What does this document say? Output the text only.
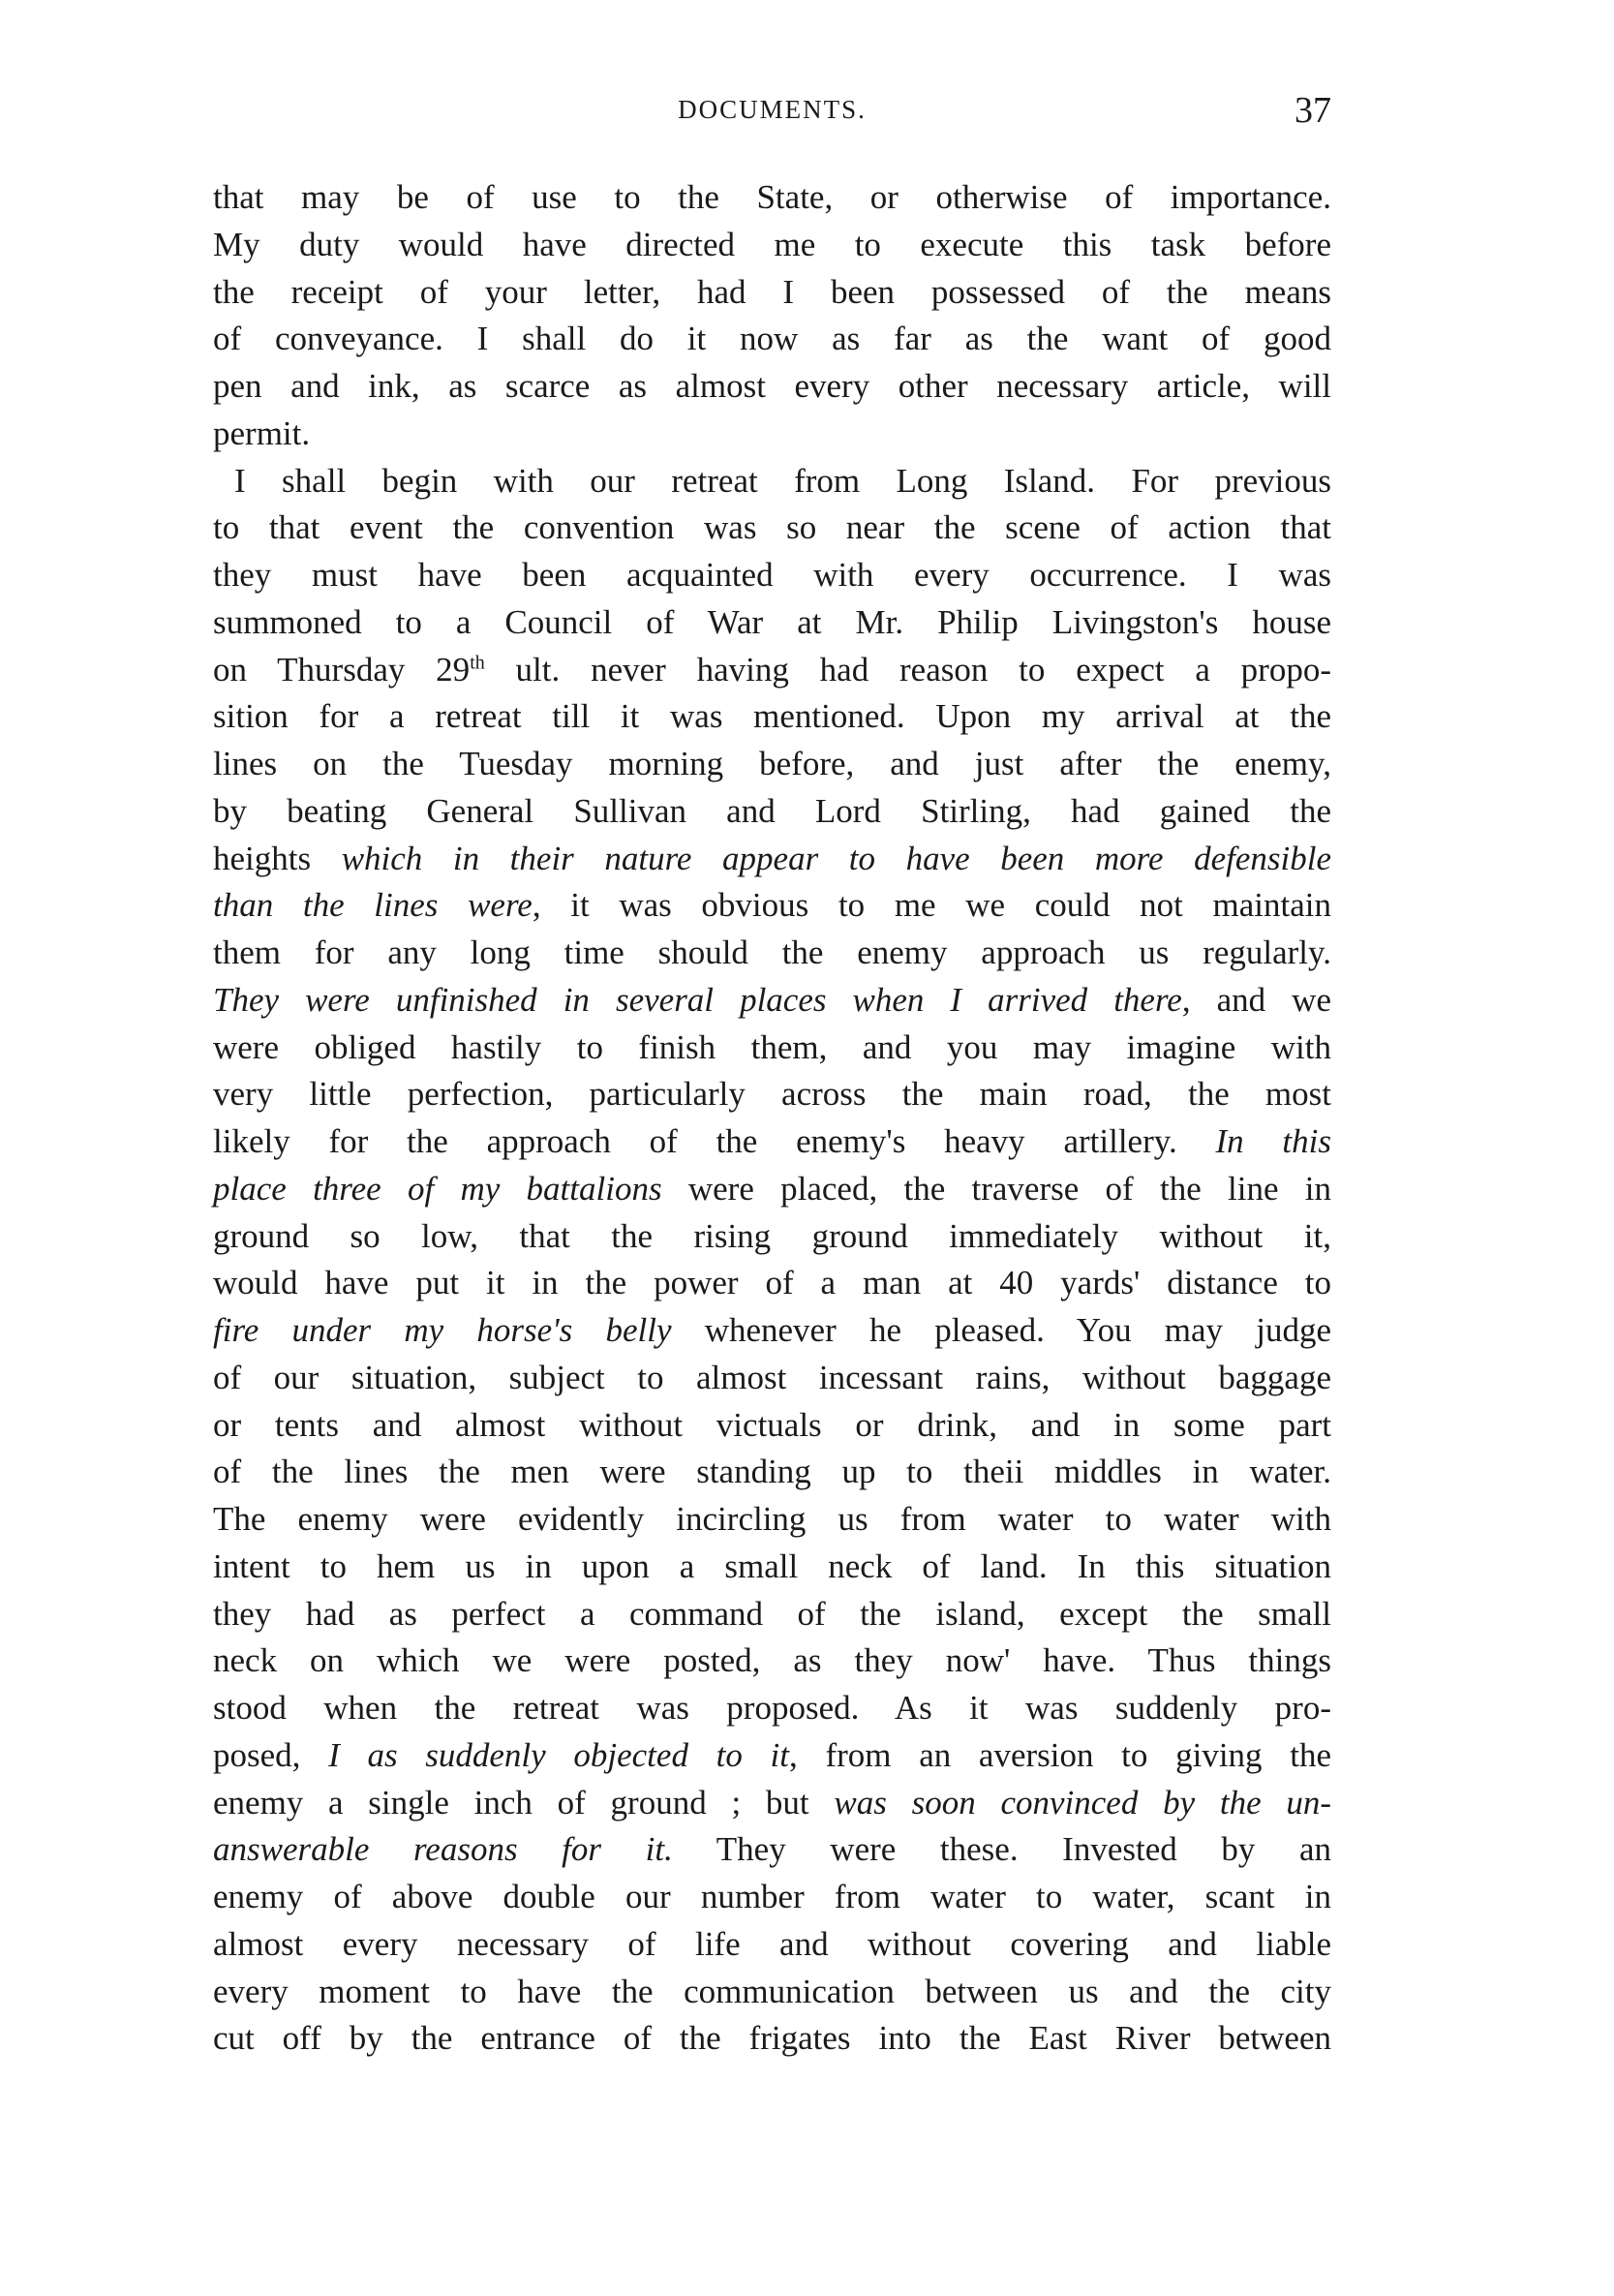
DOCUMENTS.	37
that may be of use to the State, or otherwise of importance.
My duty would have directed me to execute this task before
the receipt of your letter, had I been possessed of the means
of conveyance. I shall do it now as far as the want of good
pen and ink, as scarce as almost every other necessary article, will
permit.
I shall begin with our retreat from Long Island. For previous
to that event the convention was so near the scene of action that
they must have been acquainted with every occurrence. I was
summoned to a Council of War at Mr. Philip Livingston's house
on Thursday 29th ult. never having had reason to expect a propo-
sition for a retreat till it was mentioned. Upon my arrival at the
lines on the Tuesday morning before, and just after the enemy,
by beating General Sullivan and Lord Stirling, had gained the
heights which in their nature appear to have been more defensible
than the lines were, it was obvious to me we could not maintain
them for any long time should the enemy approach us regularly.
They were unfinished in several places when I arrived there, and we
were obliged hastily to finish them, and you may imagine with
very little perfection, particularly across the main road, the most
likely for the approach of the enemy's heavy artillery. In this
place three of my battalions were placed, the traverse of the line in
ground so low, that the rising ground immediately without it,
would have put it in the power of a man at 40 yards' distance to
fire under my horse's belly whenever he pleased. You may judge
of our situation, subject to almost incessant rains, without baggage
or tents and almost without victuals or drink, and in some part
of the lines the men were standing up to theii middles in water.
The enemy were evidently incircling us from water to water with
intent to hem us in upon a small neck of land. In this situation
they had as perfect a command of the island, except the small
neck on which we were posted, as they now' have. Thus things
stood when the retreat was proposed. As it was suddenly pro-
posed, I as suddenly objected to it, from an aversion to giving the
enemy a single inch of ground ; but was soon convinced by the un-
answerable reasons for it. They were these. Invested by an
enemy of above double our number from water to water, scant in
almost every necessary of life and without covering and liable
every moment to have the communication between us and the city
cut off by the entrance of the frigates into the East River between
